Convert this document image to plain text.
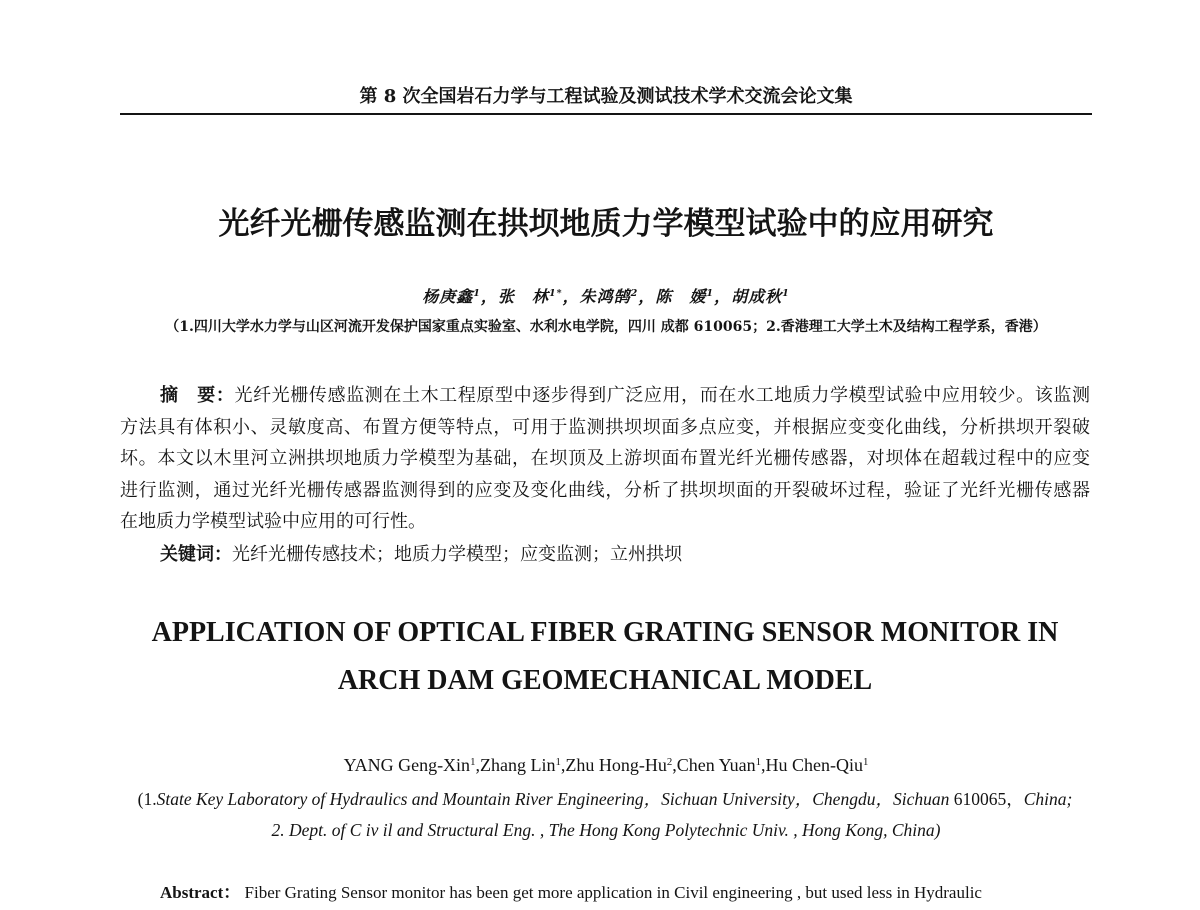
第 8 次全国岩石力学与工程试验及测试技术学术交流会论文集
光纤光栅传感监测在拱坝地质力学模型试验中的应用研究
杨庚鑫$^1$，张　林$^{1*}$，朱鸿鹄$^2$，陈　媛$^1$，胡成秋$^1$
（1.四川大学水力学与山区河流开发保护国家重点实验室、水利水电学院，四川 成都 610065；2.香港理工大学土木及结构工程学系，香港）
摘　要：光纤光栅传感监测在土木工程原型中逐步得到广泛应用，而在水工地质力学模型试验中应用较少。该监测
方法具有体积小、灵敏度高、布置方便等特点，可用于监测拱坝坝面多点应变，并根据应变变化曲线，分析拱坝开裂破
坏。本文以木里河立洲拱坝地质力学模型为基础，在坝顶及上游坝面布置光纤光栅传感器，对坝体在超载过程中的应变
进行监测，通过光纤光栅传感器监测得到的应变及变化曲线，分析了拱坝坝面的开裂破坏过程，验证了光纤光栅传感器
在地质力学模型试验中应用的可行性。
关键词：光纤光栅传感技术；地质力学模型；应变监测；立州拱坝
APPLICATION OF OPTICAL FIBER GRATING SENSOR MONITOR IN
ARCH DAM GEOMECHANICAL MODEL
YANG Geng-Xin$^1$,Zhang Lin$^1$,Zhu Hong-Hu$^2$,Chen Yuan$^1$,Hu Chen-Qiu$^1$
(1.State Key Laboratory of Hydraulics and Mountain River Engineering，Sichuan University，Chengdu，Sichuan 610065，China;
2. Dept. of C iv il and Structural Eng. , The Hong Kong Polytechnic Univ. , Hong Kong, China)
Abstract： Fiber Grating Sensor monitor has been get more application in Civil engineering , but used less in Hydraulic
